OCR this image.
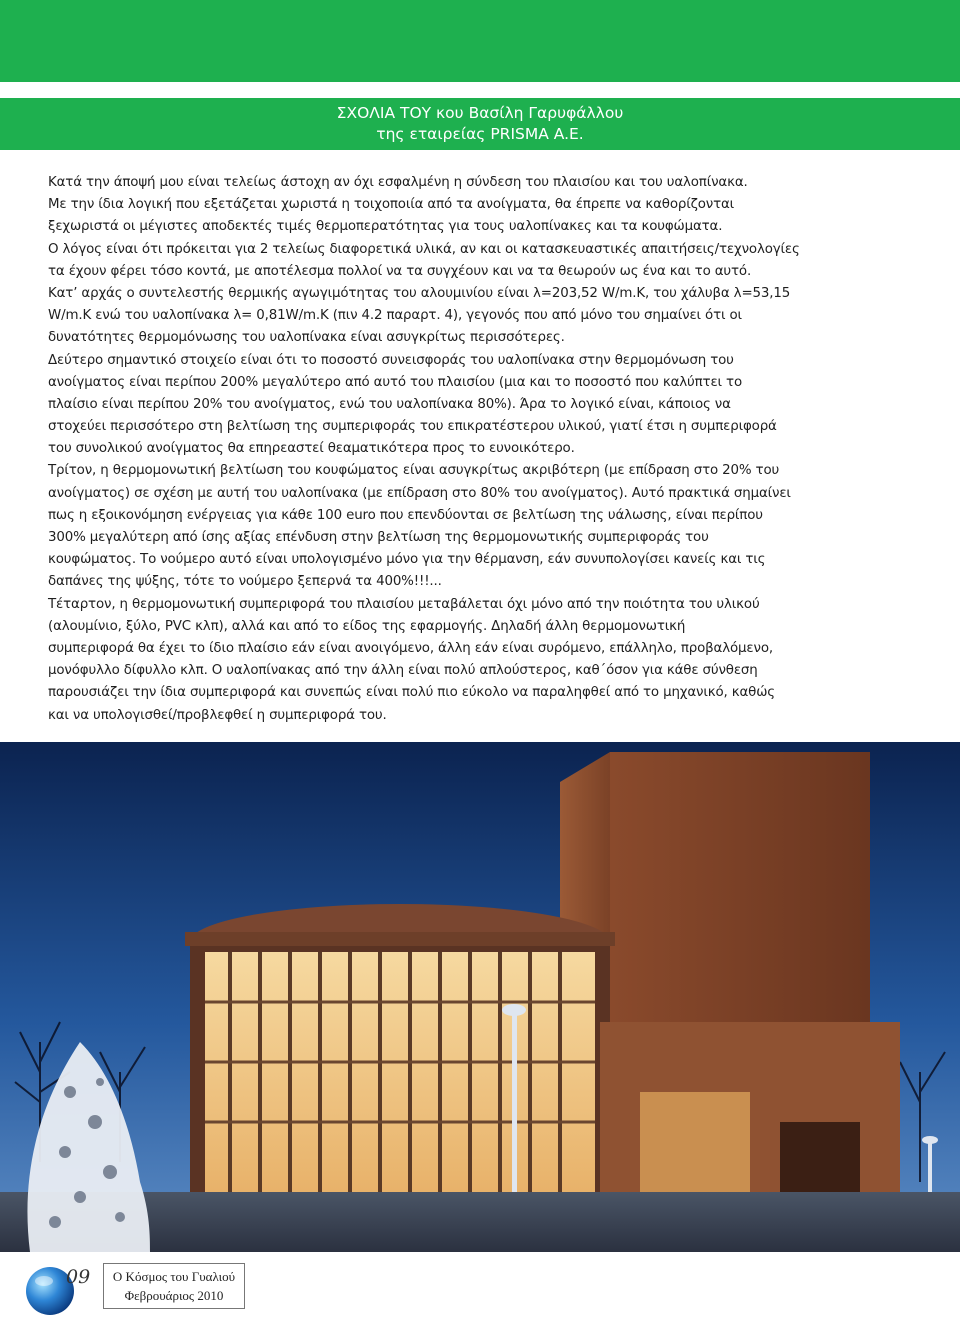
ΣΧΟΛΙΑ ΤΟΥ κου Βασίλη Γαρυφάλλου
της εταιρείας PRISMA A.E.
Κατά την άποψή μου είναι τελείως άστοχη αν όχι εσφαλμένη η σύνδεση του πλαισίου και του υαλοπίνακα.
Με την ίδια λογική που εξετάζεται χωριστά η τοιχοποιία από τα ανοίγματα, θα έπρεπε να καθορίζονται
ξεχωριστά οι μέγιστες αποδεκτές τιμές θερμοπερατότητας για τους υαλοπίνακες και τα κουφώματα.
Ο λόγος είναι ότι πρόκειται για 2 τελείως διαφορετικά υλικά, αν και οι κατασκευαστικές απαιτήσεις/τεχνολογίες
τα έχουν φέρει τόσο κοντά, με αποτέλεσμα πολλοί να τα συγχέουν και να τα θεωρούν ως ένα και το αυτό.
Κατ’ αρχάς ο συντελεστής θερμικής αγωγιμότητας του αλουμινίου είναι λ=203,52 W/m.K, του χάλυβα λ=53,15
W/m.K ενώ του υαλοπίνακα λ= 0,81W/m.K (πιν 4.2 παραρτ. 4), γεγονός που από μόνο του σημαίνει ότι οι
δυνατότητες θερμομόνωσης του υαλοπίνακα είναι ασυγκρίτως περισσότερες.
Δεύτερο σημαντικό στοιχείο είναι ότι το ποσοστό συνεισφοράς του υαλοπίνακα στην θερμομόνωση του
ανοίγματος είναι περίπου 200% μεγαλύτερο από αυτό του πλαισίου (μια και το ποσοστό που καλύπτει το
πλαίσιο είναι περίπου 20% του ανοίγματος, ενώ του υαλοπίνακα 80%). Άρα το λογικό είναι, κάποιος να
στοχεύει περισσότερο στη βελτίωση της συμπεριφοράς του επικρατέστερου υλικού, γιατί έτσι η συμπεριφορά
του συνολικού ανοίγματος θα επηρεαστεί θεαματικότερα προς το ευνοικότερο.
Τρίτον, η θερμομονωτική βελτίωση του κουφώματος είναι ασυγκρίτως ακριβότερη (με επίδραση στο 20% του
ανοίγματος) σε σχέση με αυτή του υαλοπίνακα (με επίδραση στο 80% του ανοίγματος). Αυτό πρακτικά σημαίνει
πως η εξοικονόμηση ενέργειας για κάθε 100 euro που επενδύονται σε βελτίωση της υάλωσης, είναι περίπου
300% μεγαλύτερη από ίσης αξίας επένδυση στην βελτίωση της θερμομονωτικής συμπεριφοράς του
κουφώματος. Το νούμερο αυτό είναι υπολογισμένο μόνο για την θέρμανση, εάν συνυπολογίσει κανείς και τις
δαπάνες της ψύξης, τότε το νούμερο ξεπερνά τα 400%!!!...
Τέταρτον, η θερμομονωτική συμπεριφορά του πλαισίου μεταβάλεται όχι μόνο από την ποιότητα του υλικού
(αλουμίνιο, ξύλο, PVC κλπ), αλλά και από το είδος της εφαρμογής. Δηλαδή άλλη θερμομονωτική
συμπεριφορά θα έχει το ίδιο πλαίσιο εάν είναι ανοιγόμενο, άλλη εάν είναι συρόμενο, επάλληλο, προβαλόμενο,
μονόφυλλο δίφυλλο κλπ. Ο υαλοπίνακας από την άλλη είναι πολύ απλούστερος, καθ΄όσον για κάθε σύνθεση
παρουσιάζει την ίδια συμπεριφορά και συνεπώς είναι πολύ πιο εύκολο να παραληφθεί από το μηχανικό, καθώς
και να υπολογισθεί/προβλεφθεί η συμπεριφορά του.
09	Ο Κόσμος του Γυαλιού
Φεβρουάριος 2010
